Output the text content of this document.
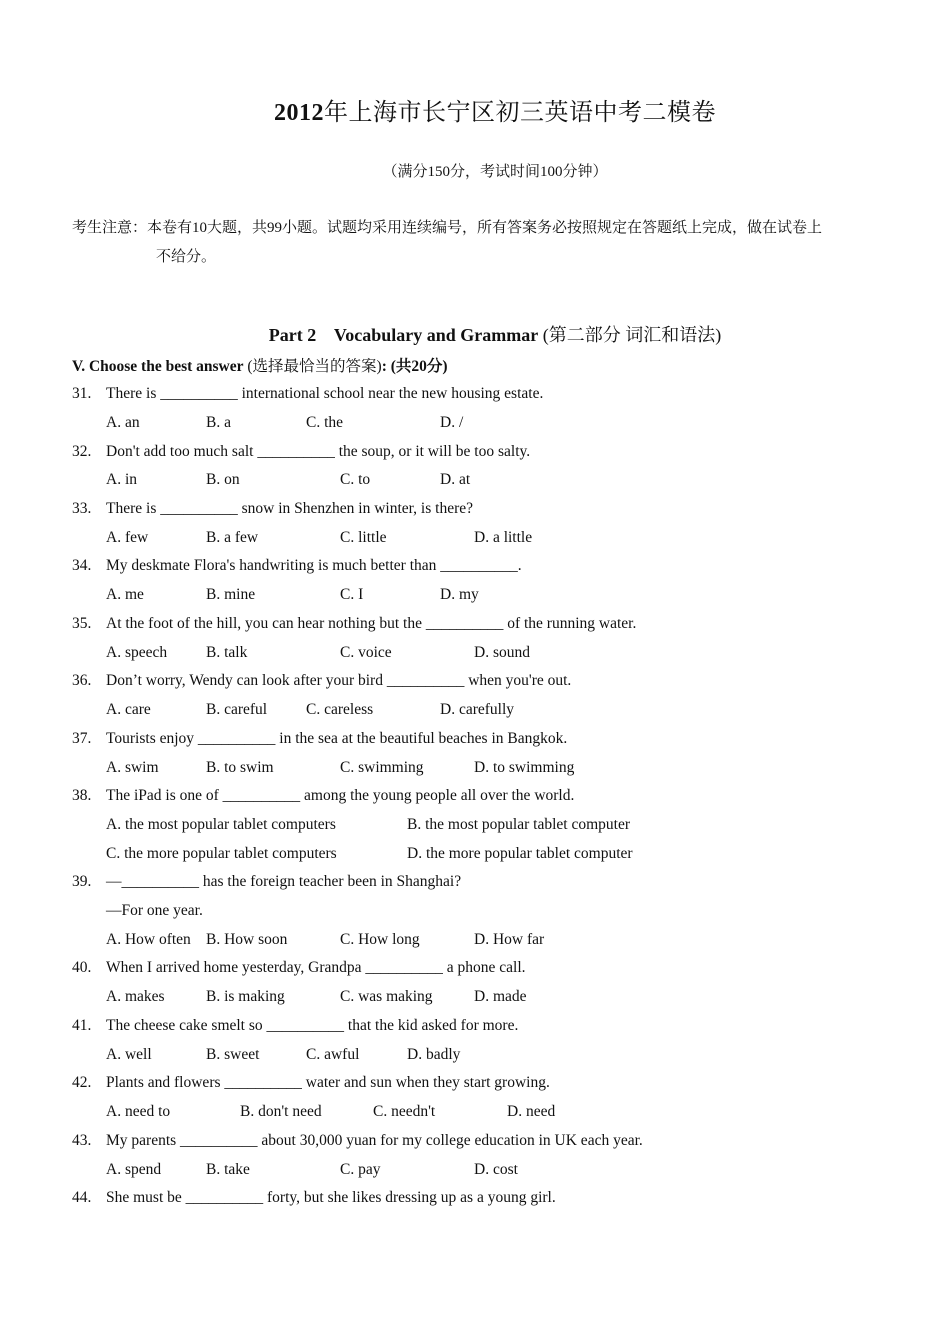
2012年上海市长宁区初三英语中考二模卷
（满分150分，考试时间100分钟）
考生注意：本卷有10大题，共99小题。试题均采用连续编号，所有答案务必按照规定在答题纸上完成，做在试卷上
不给分。
Part 2    Vocabulary and Grammar (第二部分 词汇和语法)
V. Choose the best answer (选择最恰当的答案): (共20分)
31. There is __________ international school near the new housing estate.
A. an	B. a	C. the	D. /
32. Don't add too much salt __________ the soup, or it will be too salty.
A. in	B. on	C. to	D. at
33. There is __________ snow in Shenzhen in winter, is there?
A. few	B. a few	C. little	D. a little
34. My deskmate Flora's handwriting is much better than __________.
A. me	B. mine	C. I	D. my
35. At the foot of the hill, you can hear nothing but the __________ of the running water.
A. speech	B. talk	C. voice	D. sound
36. Don’t worry, Wendy can look after your bird __________ when you're out.
A. care	B. careful	C. careless	D. carefully
37. Tourists enjoy __________ in the sea at the beautiful beaches in Bangkok.
A. swim	B. to swim	C. swimming	D. to swimming
38. The iPad is one of __________ among the young people all over the world.
A. the most popular tablet computers	B. the most popular tablet computer
C. the more popular tablet computers	D. the more popular tablet computer
39. —__________ has the foreign teacher been in Shanghai?
—For one year.
A. How often B. How soon	C. How long	D. How far
40. When I arrived home yesterday, Grandpa __________ a phone call.
A. makes	B. is making	C. was making	D. made
41. The cheese cake smelt so __________ that the kid asked for more.
A. well	B. sweet	C. awful	D. badly
42. Plants and flowers __________ water and sun when they start growing.
A. need to	B. don't need	C. needn't	D. need
43. My parents __________ about 30,000 yuan for my college education in UK each year.
A. spend	B. take	C. pay	D. cost
44. She must be __________ forty, but she likes dressing up as a young girl.
